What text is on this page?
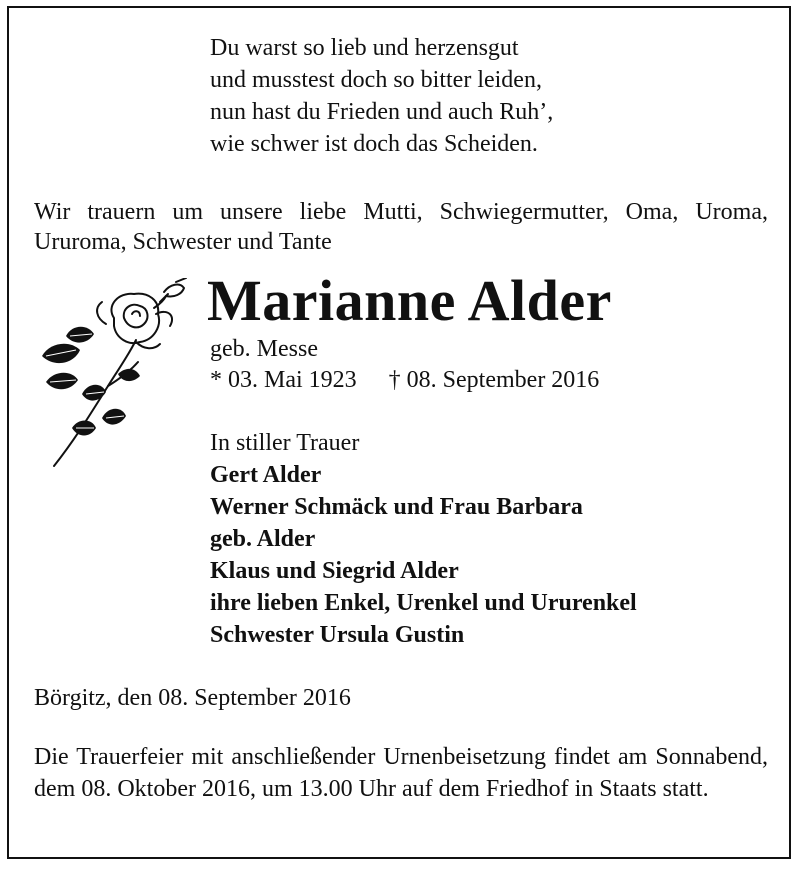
Du warst so lieb und herzensgut
und musstest doch so bitter leiden,
nun hast du Frieden und auch Ruh’,
wie schwer ist doch das Scheiden.
Wir trauern um unsere liebe Mutti, Schwiegermutter, Oma, Uroma, Ururoma, Schwester und Tante
Marianne Alder
geb. Messe
* 03. Mai 1923 † 08. September 2016
In stiller Trauer
Gert Alder
Werner Schmäck und Frau Barbara
geb. Alder
Klaus und Siegrid Alder
ihre lieben Enkel, Urenkel und Ururenkel
Schwester Ursula Gustin
Börgitz, den 08. September 2016
Die Trauerfeier mit anschließender Urnenbeisetzung findet am Sonnabend, dem 08. Oktober 2016, um 13.00 Uhr auf dem Friedhof in Staats statt.
